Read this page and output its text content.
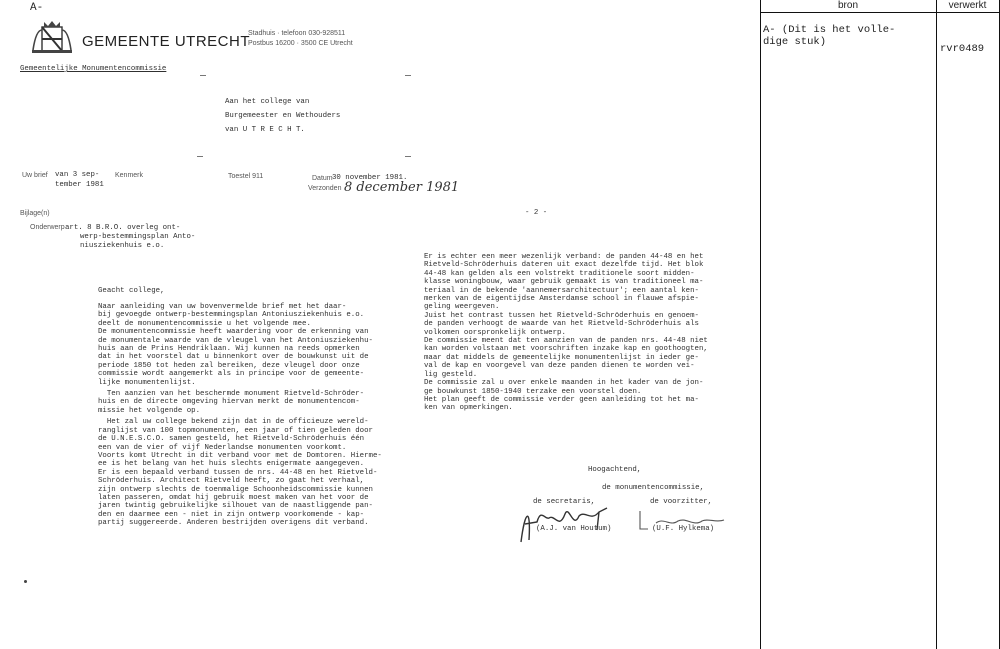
A-
GEMEENTE UTRECHT
Stadhuis · telefoon 030-928511
Postbus 16200 · 3500 CE Utrecht
Gemeentelijke Monumentencommissie
Aan het college van
Burgemeester en Wethouders
van U T R E C H T.
Uw brief van 3 sep-
tember 1981
Kenmerk	Toestel 911	Datum 30 november 1981.
Verzonden 8 december 1981
Bijlage(n)
Onderwerp art. 8 B.R.O. overleg ont-
werp-bestemmingsplan Anto-
niusziekenhuis e.o.
- 2 -
Geacht college,
Naar aanleiding van uw bovenvermelde brief met het daar-
bij gevoegde ontwerp-bestemmingsplan Antoniusziekenhuis e.o.
deelt de monumentencommissie u het volgende mee.
De monumentencommissie heeft waardering voor de erkenning van
de monumentale waarde van de vleugel van het Antoniusziekenhu-
huis aan de Prins Hendriklaan. Wij kunnen na reeds opmerken
dat in het voorstel dat u binnenkort over de bouwkunst uit de
periode 1850 tot heden zal bereiken, deze vleugel door onze
commissie wordt aangemerkt als in principe voor de gemeente-
lijke monumentenlijst.
Ten aanzien van het beschermde monument Rietveld-Schröder-
huis en de directe omgeving hiervan merkt de monumentencom-
missie het volgende op.
Het zal uw college bekend zijn dat in de officieuze wereld-
ranglijst van 100 topmonumenten, een jaar of tien geleden door
de U.N.E.S.C.O. samen gesteld, het Rietveld-Schröderhuis één
een van de vier of vijf Nederlandse monumenten voorkomt.
Voorts komt Utrecht in dit verband voor met de Domtoren. Hierme-
ee is het belang van het huis slechts enigermate aangegeven.
Er is een bepaald verband tussen de nrs. 44-48 en het Rietveld-
Schröderhuis. Architect Rietveld heeft, zo gaat het verhaal,
zijn ontwerp slechts de toenmalige Schoonheidscommissie kunnen
laten passeren, omdat hij gebruik moest maken van het voor de
jaren twintig gebruikelijke silhouet van de naastliggende pan-
den en daarmee een - niet in zijn ontwerp voorkomende - kap-
partij suggereerde. Anderen bestrijden overigens dit verband.
Er is echter een meer wezenlijk verband: de panden 44-48 en het
Rietveld-Schröderhuis dateren uit exact dezelfde tijd. Het blok
44-48 kan gelden als een volstrekt traditionele soort midden-
klasse woningbouw, waar gebruik gemaakt is van traditioneel ma-
teriaal in de bekende 'aannemersarchitectuur'; een aantal ken-
merken van de eigentijdse Amsterdamse school in flauwe afspie-
geling weergeven.
Juist het contrast tussen het Rietveld-Schröderhuis en genoem-
de panden verhoogt de waarde van het Rietveld-Schröderhuis als
volkomen oorspronkelijk ontwerp.
De commissie meent dat ten aanzien van de panden nrs. 44-48 niet
kan worden volstaan met voorschriften inzake kap en goothoogten,
maar dat middels de gemeentelijke monumentenlijst in ieder ge-
val de kap en voorgevel van deze panden dienen te worden vei-
lig gesteld.
De commissie zal u over enkele maanden in het kader van de jon-
ge bouwkunst 1850-1940 terzake een voorstel doen.
Het plan geeft de commissie verder geen aanleiding tot het ma-
ken van opmerkingen.
Hoogachtend,
de monumentencommissie,
de secretaris,	de voorzitter,
(A.J. van Houtum)	(U.F. Hylkema)
bron	verwerkt
A- (Dit is het volle-
dige stuk)
rvr0489
